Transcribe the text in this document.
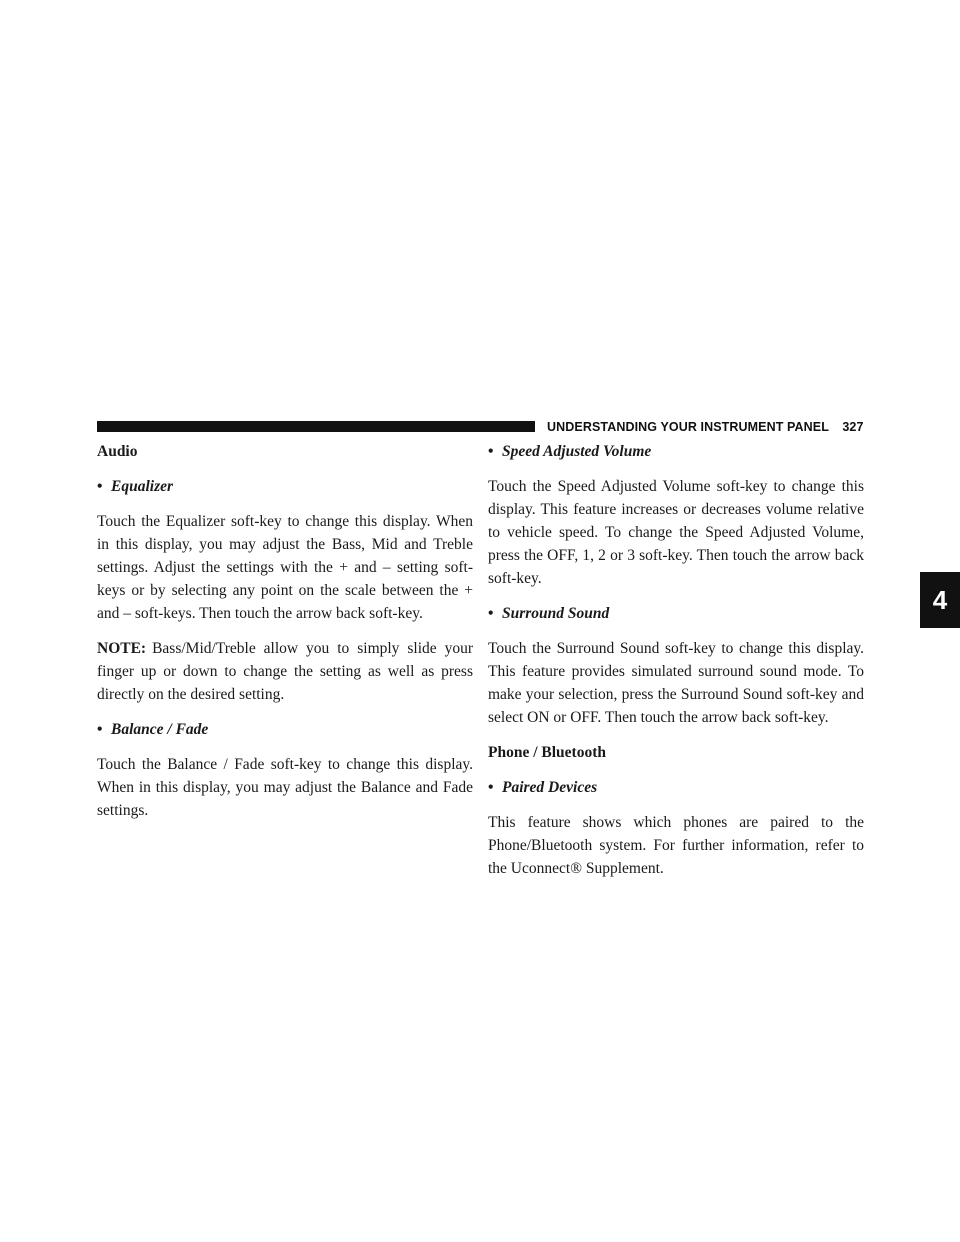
UNDERSTANDING YOUR INSTRUMENT PANEL 327
4

Audio

• Equalizer

Touch the Equalizer soft-key to change this display. When in this display, you may adjust the Bass, Mid and Treble settings. Adjust the settings with the + and – setting soft-keys or by selecting any point on the scale between the + and – soft-keys. Then touch the arrow back soft-key.

NOTE: Bass/Mid/Treble allow you to simply slide your finger up or down to change the setting as well as press directly on the desired setting.

• Balance / Fade

Touch the Balance / Fade soft-key to change this display. When in this display, you may adjust the Balance and Fade settings.

• Speed Adjusted Volume

Touch the Speed Adjusted Volume soft-key to change this display. This feature increases or decreases volume relative to vehicle speed. To change the Speed Adjusted Volume, press the OFF, 1, 2 or 3 soft-key. Then touch the arrow back soft-key.

• Surround Sound

Touch the Surround Sound soft-key to change this display. This feature provides simulated surround sound mode. To make your selection, press the Surround Sound soft-key and select ON or OFF. Then touch the arrow back soft-key.

Phone / Bluetooth

• Paired Devices

This feature shows which phones are paired to the Phone/Bluetooth system. For further information, refer to the Uconnect® Supplement.
